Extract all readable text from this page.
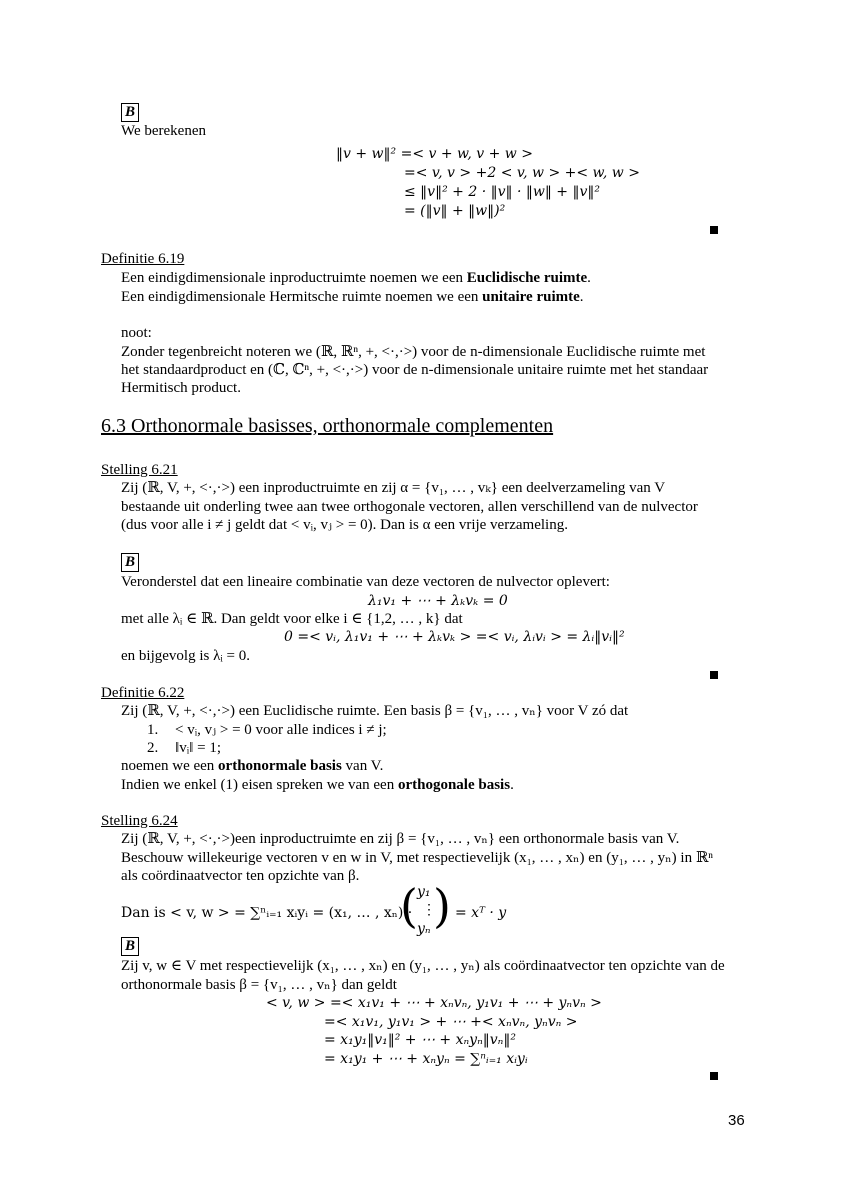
B
We berekenen
‖v + w‖² =< v + w, v + w >
=< v, v > +2 < v, w > +< w, w >
≤ ‖v‖² + 2 · ‖v‖ · ‖w‖ + ‖v‖²
= (‖v‖ + ‖w‖)²
Definitie 6.19
Een eindigdimensionale inproductruimte noemen we een Euclidische ruimte.
Een eindigdimensionale Hermitsche ruimte noemen we een unitaire ruimte.
noot:
Zonder tegenbreicht noteren we (ℝ, ℝⁿ, +, <·,·>) voor de n-dimensionale Euclidische ruimte met
het standaardproduct en (ℂ, ℂⁿ, +, <·,·>) voor de n-dimensionale unitaire ruimte met het standaar
Hermitisch product.
6.3 Orthonormale basisses, orthonormale complementen
Stelling 6.21
Zij (ℝ, V, +, <·,·>) een inproductruimte en zij α = {v₁, … , vₖ} een deelverzameling van V
bestaande uit onderling twee aan twee orthogonale vectoren, allen verschillend van de nulvector
(dus voor alle i ≠ j geldt dat < vᵢ, vⱼ > = 0). Dan is α een vrije verzameling.
B
Veronderstel dat een lineaire combinatie van deze vectoren de nulvector oplevert:
λ₁v₁ + ⋯ + λₖvₖ = 0
met alle λᵢ ∈ ℝ. Dan geldt voor elke i ∈ {1,2, … , k} dat
0 =< vᵢ, λ₁v₁ + ⋯ + λₖvₖ > =< vᵢ, λᵢvᵢ > = λᵢ‖vᵢ‖²
en bijgevolg is λᵢ = 0.
Definitie 6.22
Zij (ℝ, V, +, <·,·>) een Euclidische ruimte. Een basis β = {v₁, … , vₙ} voor V zó dat
1. < vᵢ, vⱼ > = 0 voor alle indices i ≠ j;
2. ‖vᵢ‖ = 1;
noemen we een orthonormale basis van V.
Indien we enkel (1) eisen spreken we van een orthogonale basis.
Stelling 6.24
Zij (ℝ, V, +, <·,·>)een inproductruimte en zij β = {v₁, … , vₙ} een orthonormale basis van V.
Beschouw willekeurige vectoren v en w in V, met respectievelijk (x₁, … , xₙ) en (y₁, … , yₙ) in ℝⁿ
als coördinaatvector ten opzichte van β.
Dan is < v, w > = ∑ⁿᵢ₌₁ xᵢyᵢ = (x₁, … , xₙ) ·
( y₁
⋮
yₙ ) = xᵀ · y
B
Zij v, w ∈ V met respectievelijk (x₁, … , xₙ) en (y₁, … , yₙ) als coördinaatvector ten opzichte van de
orthonormale basis β = {v₁, … , vₙ} dan geldt
< v, w > =< x₁v₁ + ⋯ + xₙvₙ, y₁v₁ + ⋯ + yₙvₙ >
=< x₁v₁, y₁v₁ > + ⋯ +< xₙvₙ, yₙvₙ >
= x₁y₁‖v₁‖² + ⋯ + xₙyₙ‖vₙ‖²
= x₁y₁ + ⋯ + xₙyₙ = ∑ⁿᵢ₌₁ xᵢyᵢ
36
